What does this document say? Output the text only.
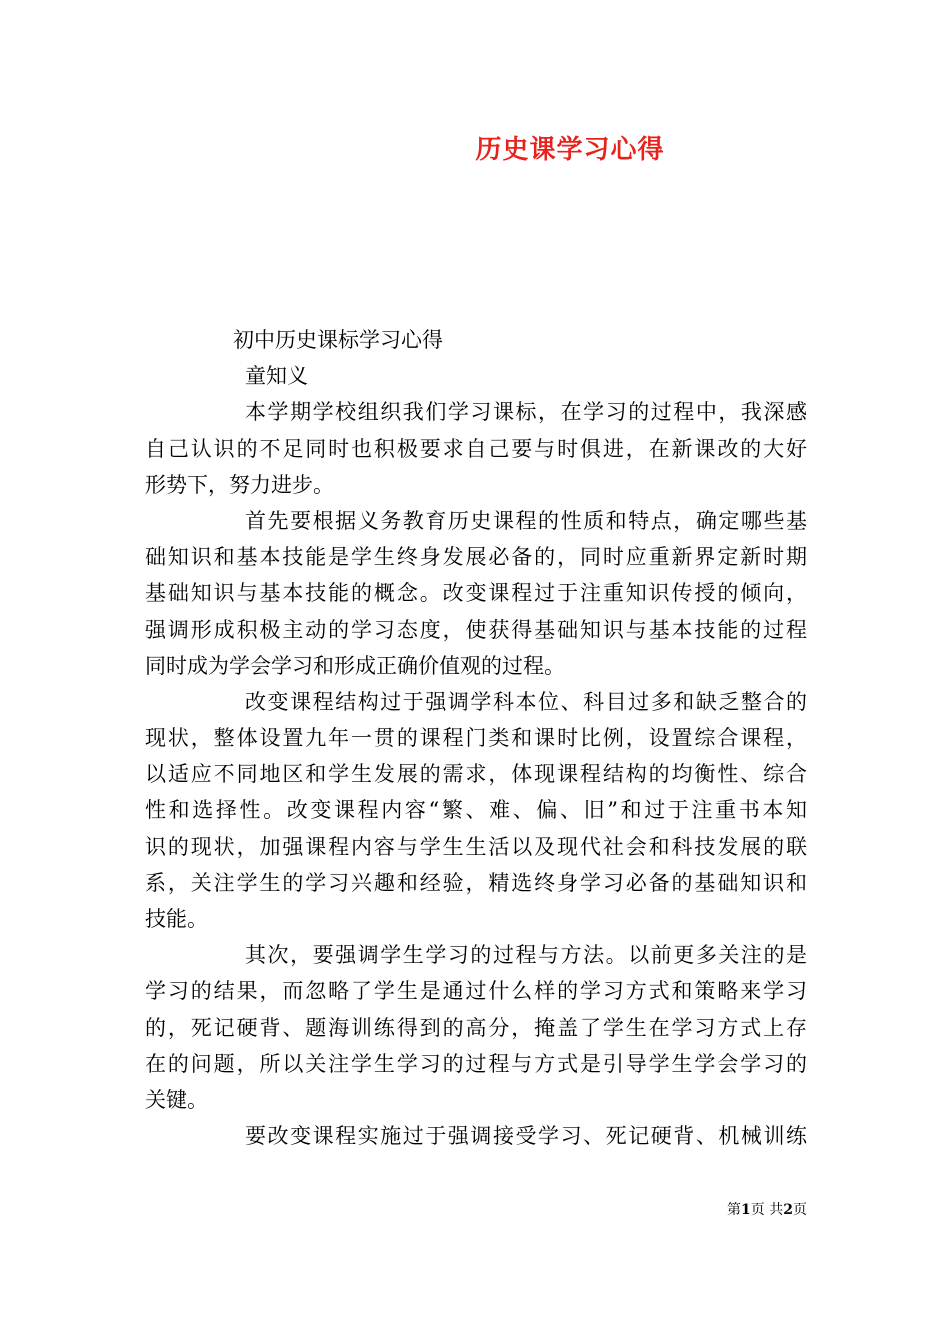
历史课学习心得

初中历史课标学习心得

童知义

本学期学校组织我们学习课标，在学习的过程中，我深感

自己认识的不足同时也积极要求自己要与时俱进，在新课改的大好

形势下，努力进步。

首先要根据义务教育历史课程的性质和特点，确定哪些基

础知识和基本技能是学生终身发展必备的，同时应重新界定新时期

基础知识与基本技能的概念。改变课程过于注重知识传授的倾向，

强调形成积极主动的学习态度，使获得基础知识与基本技能的过程

同时成为学会学习和形成正确价值观的过程。

改变课程结构过于强调学科本位、科目过多和缺乏整合的

现状，整体设置九年一贯的课程门类和课时比例，设置综合课程，

以适应不同地区和学生发展的需求，体现课程结构的均衡性、综合

性和选择性。改变课程内容“繁、难、偏、旧”和过于注重书本知

识的现状，加强课程内容与学生生活以及现代社会和科技发展的联

系，关注学生的学习兴趣和经验，精选终身学习必备的基础知识和

技能。

其次，要强调学生学习的过程与方法。以前更多关注的是

学习的结果，而忽略了学生是通过什么样的学习方式和策略来学习

的，死记硬背、题海训练得到的高分，掩盖了学生在学习方式上存

在的问题，所以关注学生学习的过程与方式是引导学生学会学习的

关键。

要改变课程实施过于强调接受学习、死记硬背、机械训练

第1页 共2页
